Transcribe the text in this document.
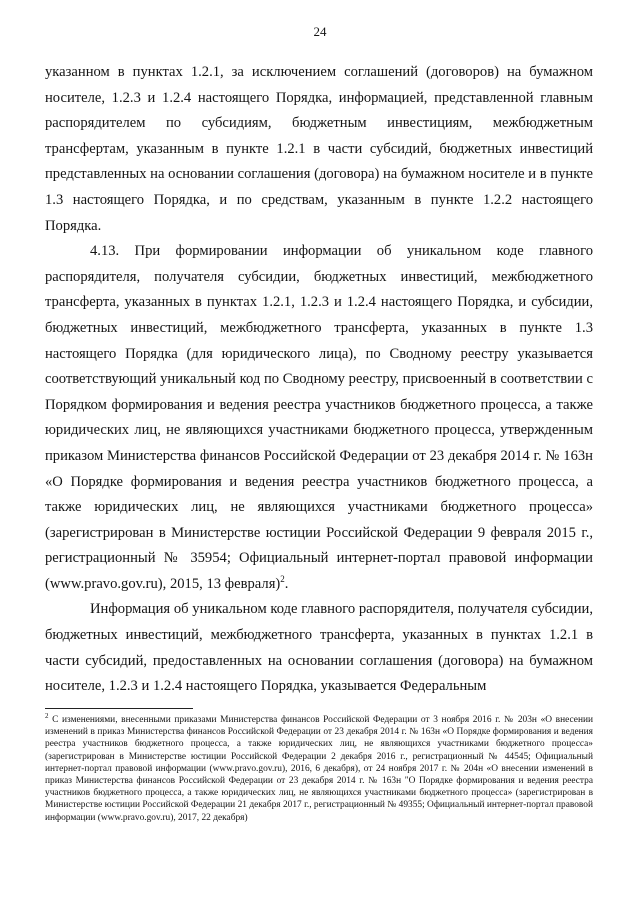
24

указанном в пунктах 1.2.1, за исключением соглашений (договоров) на бумажном носителе, 1.2.3 и 1.2.4 настоящего Порядка, информацией, представленной главным распорядителем по субсидиям, бюджетным инвестициям, межбюджетным трансфертам, указанным в пункте 1.2.1 в части субсидий, бюджетных инвестиций представленных на основании соглашения (договора) на бумажном носителе и в пункте 1.3 настоящего Порядка, и по средствам, указанным в пункте 1.2.2 настоящего Порядка.

4.13. При формировании информации об уникальном коде главного распорядителя, получателя субсидии, бюджетных инвестиций, межбюджетного трансферта, указанных в пунктах 1.2.1, 1.2.3 и 1.2.4 настоящего Порядка, и субсидии, бюджетных инвестиций, межбюджетного трансферта, указанных в пункте 1.3 настоящего Порядка (для юридического лица), по Сводному реестру указывается соответствующий уникальный код по Сводному реестру, присвоенный в соответствии с Порядком формирования и ведения реестра участников бюджетного процесса, а также юридических лиц, не являющихся участниками бюджетного процесса, утвержденным приказом Министерства финансов Российской Федерации от 23 декабря 2014 г. № 163н «О Порядке формирования и ведения реестра участников бюджетного процесса, а также юридических лиц, не являющихся участниками бюджетного процесса» (зарегистрирован в Министерстве юстиции Российской Федерации 9 февраля 2015 г., регистрационный № 35954; Официальный интернет-портал правовой информации (www.pravo.gov.ru), 2015, 13 февраля)$^2$.

Информация об уникальном коде главного распорядителя, получателя субсидии, бюджетных инвестиций, межбюджетного трансферта, указанных в пунктах 1.2.1 в части субсидий, предоставленных на основании соглашения (договора) на бумажном носителе, 1.2.3 и 1.2.4 настоящего Порядка, указывается Федеральным

$^2$ С изменениями, внесенными приказами Министерства финансов Российской Федерации от 3 ноября 2016 г. № 203н «О внесении изменений в приказ Министерства финансов Российской Федерации от 23 декабря 2014 г. № 163н «О Порядке формирования и ведения реестра участников бюджетного процесса, а также юридических лиц, не являющихся участниками бюджетного процесса» (зарегистрирован в Министерстве юстиции Российской Федерации 2 декабря 2016 г., регистрационный № 44545; Официальный интернет-портал правовой информации (www.pravo.gov.ru), 2016, 6 декабря), от 24 ноября 2017 г. № 204н «О внесении изменений в приказ Министерства финансов Российской Федерации от 23 декабря 2014 г. № 163н "О Порядке формирования и ведения реестра участников бюджетного процесса, а также юридических лиц, не являющихся участниками бюджетного процесса» (зарегистрирован в Министерстве юстиции Российской Федерации 21 декабря 2017 г., регистрационный № 49355; Официальный интернет-портал правовой информации (www.pravo.gov.ru), 2017, 22 декабря)
